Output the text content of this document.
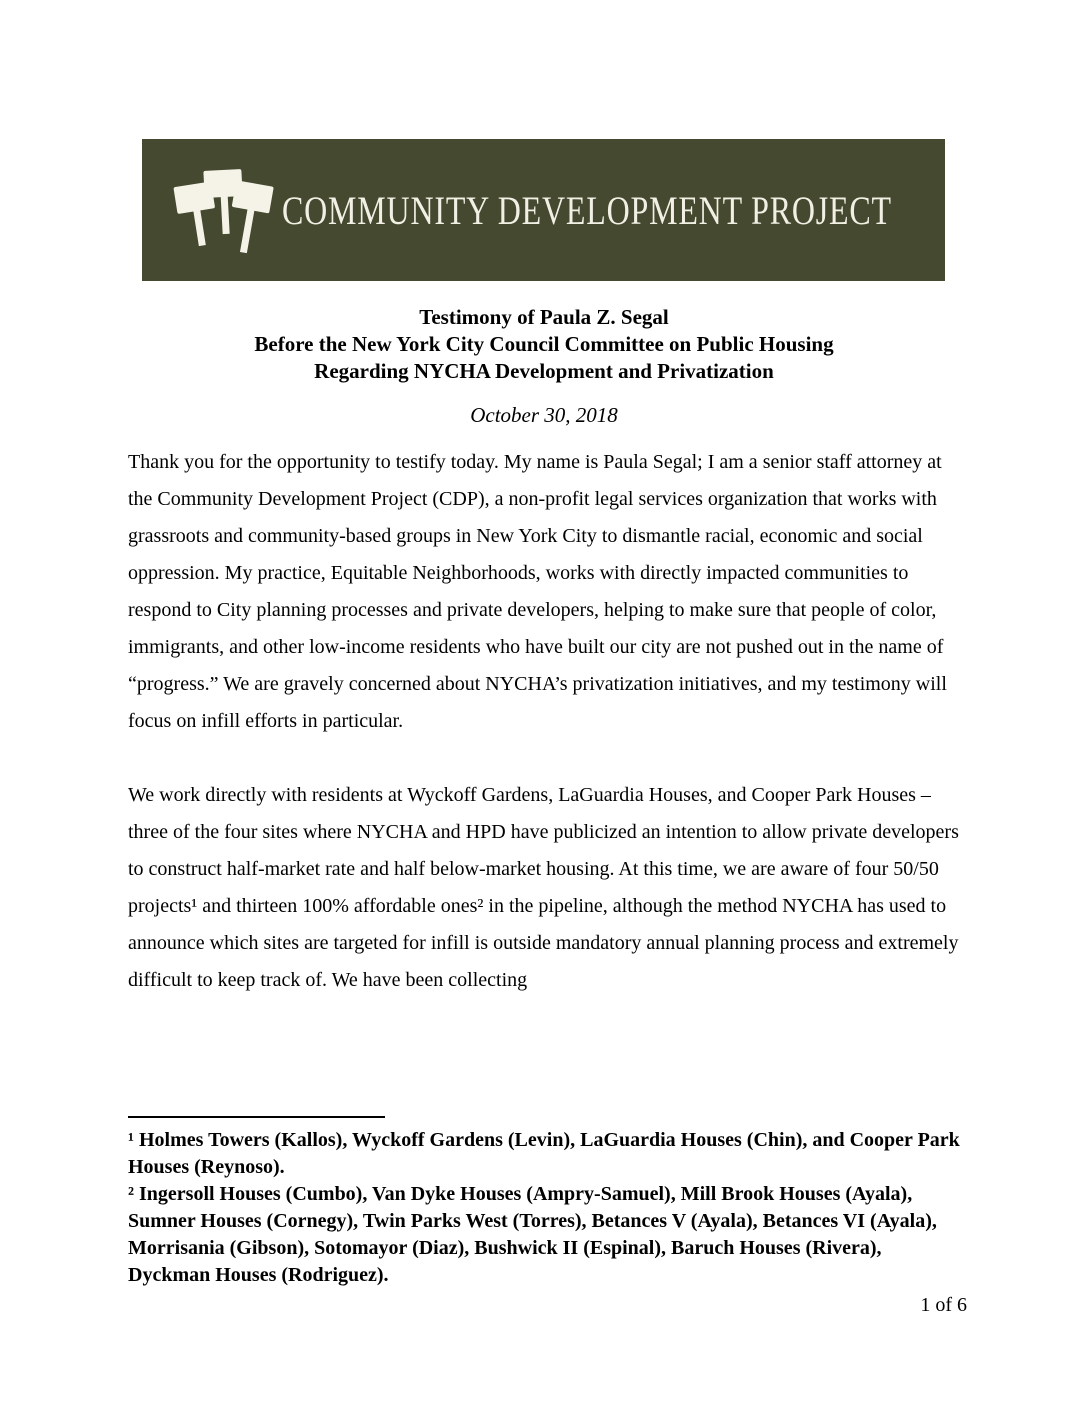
COMMUNITY DEVELOPMENT PROJECT
Testimony of Paula Z. Segal
Before the New York City Council Committee on Public Housing
Regarding NYCHA Development and Privatization
October 30, 2018

Thank you for the opportunity to testify today. My name is Paula Segal; I am a senior staff attorney at the Community Development Project (CDP), a non-profit legal services organization that works with grassroots and community-based groups in New York City to dismantle racial, economic and social oppression. My practice, Equitable Neighborhoods, works with directly impacted communities to respond to City planning processes and private developers, helping to make sure that people of color, immigrants, and other low-income residents who have built our city are not pushed out in the name of “progress.” We are gravely concerned about NYCHA’s privatization initiatives, and my testimony will focus on infill efforts in particular.

We work directly with residents at Wyckoff Gardens, LaGuardia Houses, and Cooper Park Houses – three of the four sites where NYCHA and HPD have publicized an intention to allow private developers to construct half-market rate and half below-market housing. At this time, we are aware of four 50/50 projects¹ and thirteen 100% affordable ones² in the pipeline, although the method NYCHA has used to announce which sites are targeted for infill is outside mandatory annual planning process and extremely difficult to keep track of. We have been collecting

¹ Holmes Towers (Kallos), Wyckoff Gardens (Levin), LaGuardia Houses (Chin), and Cooper Park Houses (Reynoso).

² Ingersoll Houses (Cumbo), Van Dyke Houses (Ampry-Samuel), Mill Brook Houses (Ayala), Sumner Houses (Cornegy), Twin Parks West (Torres), Betances V (Ayala), Betances VI (Ayala), Morrisania (Gibson), Sotomayor (Diaz), Bushwick II (Espinal), Baruch Houses (Rivera), Dyckman Houses (Rodriguez).

1 of 6
